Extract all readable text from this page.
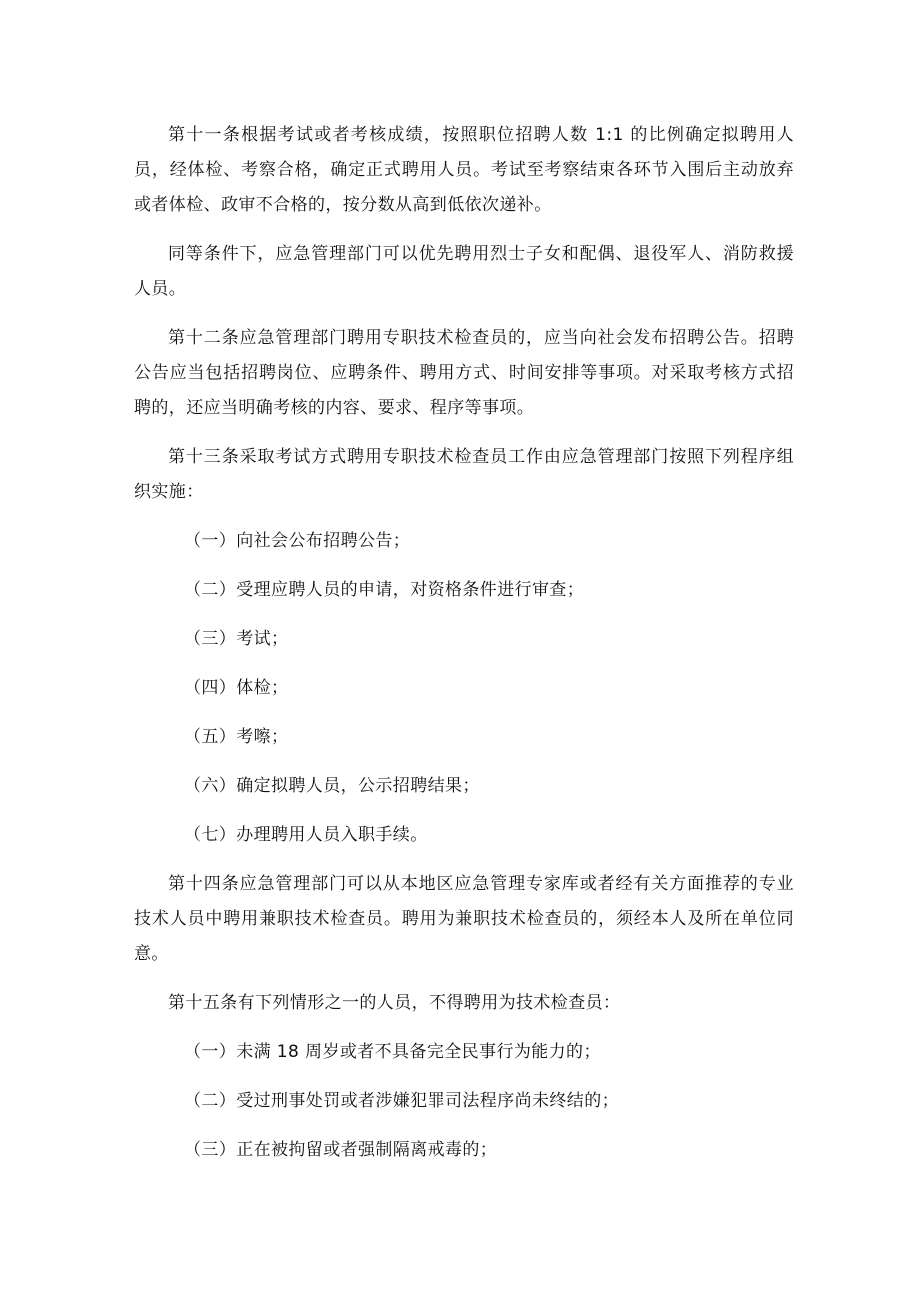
第十一条根据考试或者考核成绩，按照职位招聘人数 1:1 的比例确定拟聘用人员，经体检、考察合格，确定正式聘用人员。考试至考察结束各环节入围后主动放弃或者体检、政审不合格的，按分数从高到低依次递补。

同等条件下，应急管理部门可以优先聘用烈士子女和配偶、退役军人、消防救援人员。

第十二条应急管理部门聘用专职技术检查员的，应当向社会发布招聘公告。招聘公告应当包括招聘岗位、应聘条件、聘用方式、时间安排等事项。对采取考核方式招聘的，还应当明确考核的内容、要求、程序等事项。

第十三条采取考试方式聘用专职技术检查员工作由应急管理部门按照下列程序组织实施：

（一）向社会公布招聘公告；

（二）受理应聘人员的申请，对资格条件进行审查；

（三）考试；

（四）体检；

（五）考嚓；

（六）确定拟聘人员，公示招聘结果；

（七）办理聘用人员入职手续。

第十四条应急管理部门可以从本地区应急管理专家库或者经有关方面推荐的专业技术人员中聘用兼职技术检查员。聘用为兼职技术检查员的，须经本人及所在单位同意。

第十五条有下列情形之一的人员，不得聘用为技术检查员：

（一）未满 18 周岁或者不具备完全民事行为能力的；

（二）受过刑事处罚或者涉嫌犯罪司法程序尚未终结的；

（三）正在被拘留或者强制隔离戒毒的；
